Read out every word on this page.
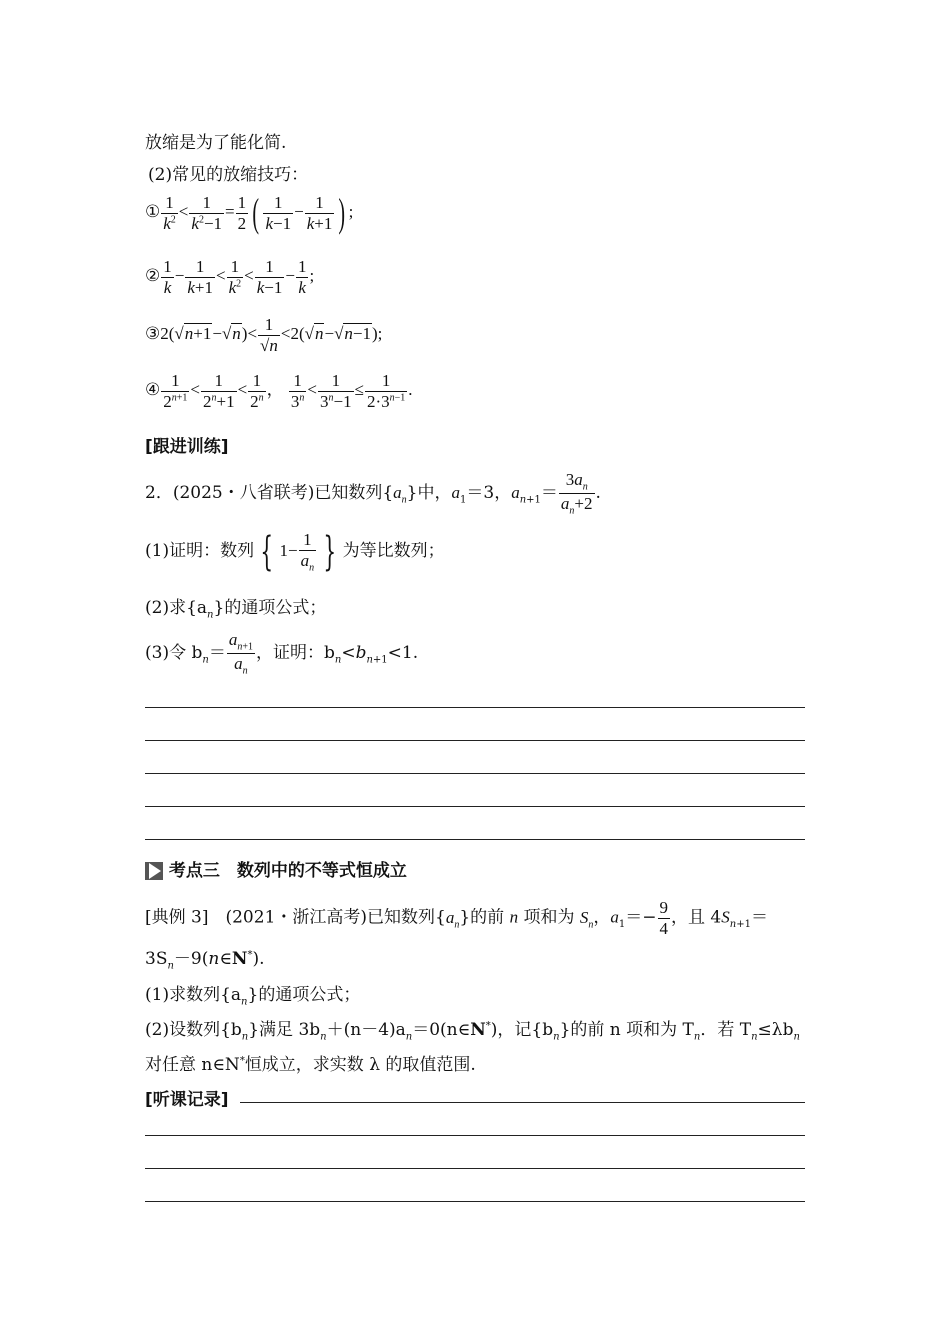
放缩是为了能化简.
(2)常见的放缩技巧：
① $\frac{1}{k^2} < \frac{1}{k^2-1} = \frac{1}{2}$ ( $\frac{1}{k-1} - \frac{1}{k+1}$ ) ;
② $\frac{1}{k} - \frac{1}{k+1} < \frac{1}{k^2} < \frac{1}{k-1} - \frac{1}{k}$ ;
③2(√n+1−√n)< $\frac{1}{√n} <2(√n-√n-1)$;
④ $\frac{1}{2^{n+1}} < \frac{1}{2^n+1} < \frac{1}{2^n}$ ， $\frac{1}{3^n} < \frac{1}{3^n-1} \le \frac{1}{2\cdot 3^{n-1}}$ .
[跟进训练]
2．(2025・八省联考)已知数列$\{a_n\}$中，$a_1=3$，$a_{n+1}= \frac{3a_n}{a_n+2}$ .
(1)证明：数列 { $1- \frac{1}{a_n}$ } 为等比数列；
(2)求$\{a_n\}$的通项公式；
(3)令 $b_n= \frac{a_{n+1}}{a_n}$ ，证明：$b_n<b_{n+1}<1$.
考点三　数列中的不等式恒成立
[典例 3]　 (2021・浙江高考)已知数列$\{a_n\}$的前 n 项和为 $S_n$，$a_1=- \frac{9}{4}$ ，且 $4S_{n+1}=$
$3S_n-9(n\in N^*)$.
(1)求数列$\{a_n\}$的通项公式；
(2)设数列$\{b_n\}$满足 $3b_n+(n-4)a_n=0(n\in N^*)$，记$\{b_n\}$的前 n 项和为 $T_n$．若 $T_n\le\lambda b_n$
对任意 n∈N*恒成立，求实数 λ 的取值范围.
[听课记录]
